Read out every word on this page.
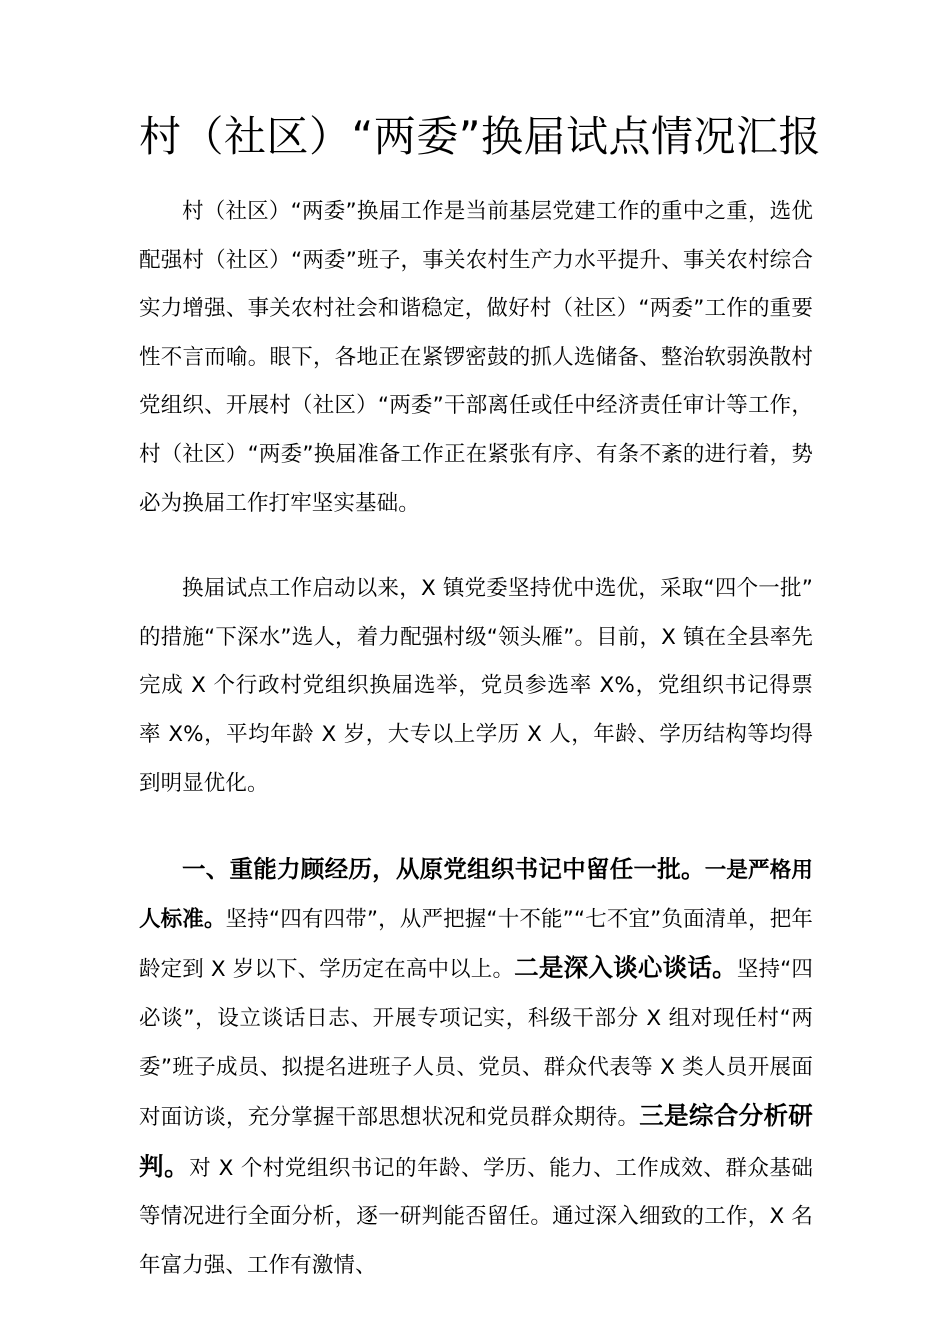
村（社区）“两委”换届试点情况汇报

村（社区）“两委”换届工作是当前基层党建工作的重中之重，选优配强村（社区）“两委”班子，事关农村生产力水平提升、事关农村综合实力增强、事关农村社会和谐稳定，做好村（社区）“两委”工作的重要性不言而喻。眼下，各地正在紧锣密鼓的抓人选储备、整治软弱涣散村党组织、开展村（社区）“两委”干部离任或任中经济责任审计等工作，村（社区）“两委”换届准备工作正在紧张有序、有条不紊的进行着，势必为换届工作打牢坚实基础。

换届试点工作启动以来，X 镇党委坚持优中选优，采取“四个一批”的措施“下深水”选人，着力配强村级“领头雁”。目前，X 镇在全县率先完成 X 个行政村党组织换届选举，党员参选率 X%，党组织书记得票率 X%，平均年龄 X 岁，大专以上学历 X 人，年龄、学历结构等均得到明显优化。

一、重能力顾经历，从原党组织书记中留任一批。一是严格用人标准。坚持“四有四带”，从严把握“十不能”“七不宜”负面清单，把年龄定到 X 岁以下、学历定在高中以上。二是深入谈心谈话。坚持“四必谈”，设立谈话日志、开展专项记实，科级干部分 X 组对现任村“两委”班子成员、拟提名进班子人员、党员、群众代表等 X 类人员开展面对面访谈，充分掌握干部思想状况和党员群众期待。三是综合分析研判。对 X 个村党组织书记的年龄、学历、能力、工作成效、群众基础等情况进行全面分析，逐一研判能否留任。通过深入细致的工作，X 名年富力强、工作有激情、
